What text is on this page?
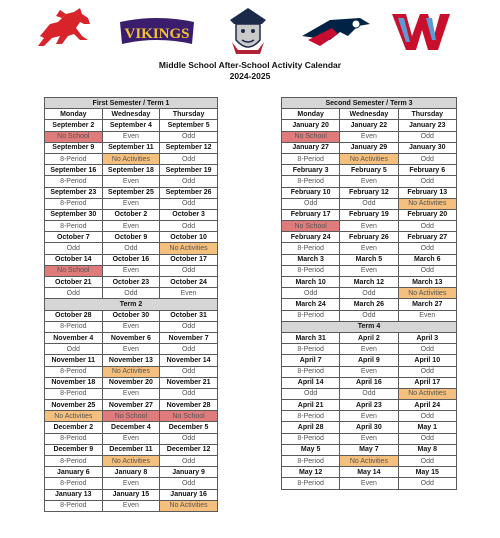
VIKINGS
Middle School After-School Activity Calendar
2024-2025
First Semester / Term 1		
Monday	Wednesday	Thursday
September 2	September 4	September 5
No School	Even	Odd
September 9	September 11	September 12
8-Period	No Activities	Odd
September 16	September 18	September 19
8-Period	Even	Odd
September 23	September 25	September 26
8-Period	Even	Odd
September 30	October 2	October 3
8-Period	Even	Odd
October 7	October 9	October 10
Odd	Odd	No Activities
October 14	October 16	October 17
No School	Even	Odd
October 21	October 23	October 24
Odd	Odd	Even
Term 2		
October 28	October 30	October 31
8-Period	Even	Odd
November 4	November 6	November 7
Odd	Even	Odd
November 11	November 13	November 14
8-Period	No Activities	Odd
November 18	November 20	November 21
8-Period	Even	Odd
November 25	November 27	November 28
No Activities	No School	No School
December 2	December 4	December 5
8-Period	Even	Odd
December 9	December 11	December 12
8-Period	No Activities	Odd
January 6	January 8	January 9
8-Period	Even	Odd
January 13	January 15	January 16
8-Period	Even	No Activities
Second Semester / Term 3		
Monday	Wednesday	Thursday
January 20	January 22	January 23
No School	Even	Odd
January 27	January 29	January 30
8-Period	No Activities	Odd
February 3	February 5	February 6
8-Period	Even	Odd
February 10	February 12	February 13
Odd	Odd	No Activities
February 17	February 19	February 20
No School	Even	Odd
February 24	February 26	February 27
8-Period	Even	Odd
March 3	March 5	March 6
8-Period	Even	Odd
March 10	March 12	March 13
Odd	Odd	No Activities
March 24	March 26	March 27
8-Period	Odd	Even
Term 4		
March 31	April 2	April 3
8-Period	Even	Odd
April 7	April 9	April 10
8-Period	Even	Odd
April 14	April 16	April 17
Odd	Odd	No Activities
April 21	April 23	April 24
8-Period	Even	Odd
April 28	April 30	May 1
8-Period	Even	Odd
May 5	May 7	May 8
8-Period	No Activities	Odd
May 12	May 14	May 15
8-Period	Even	Odd
